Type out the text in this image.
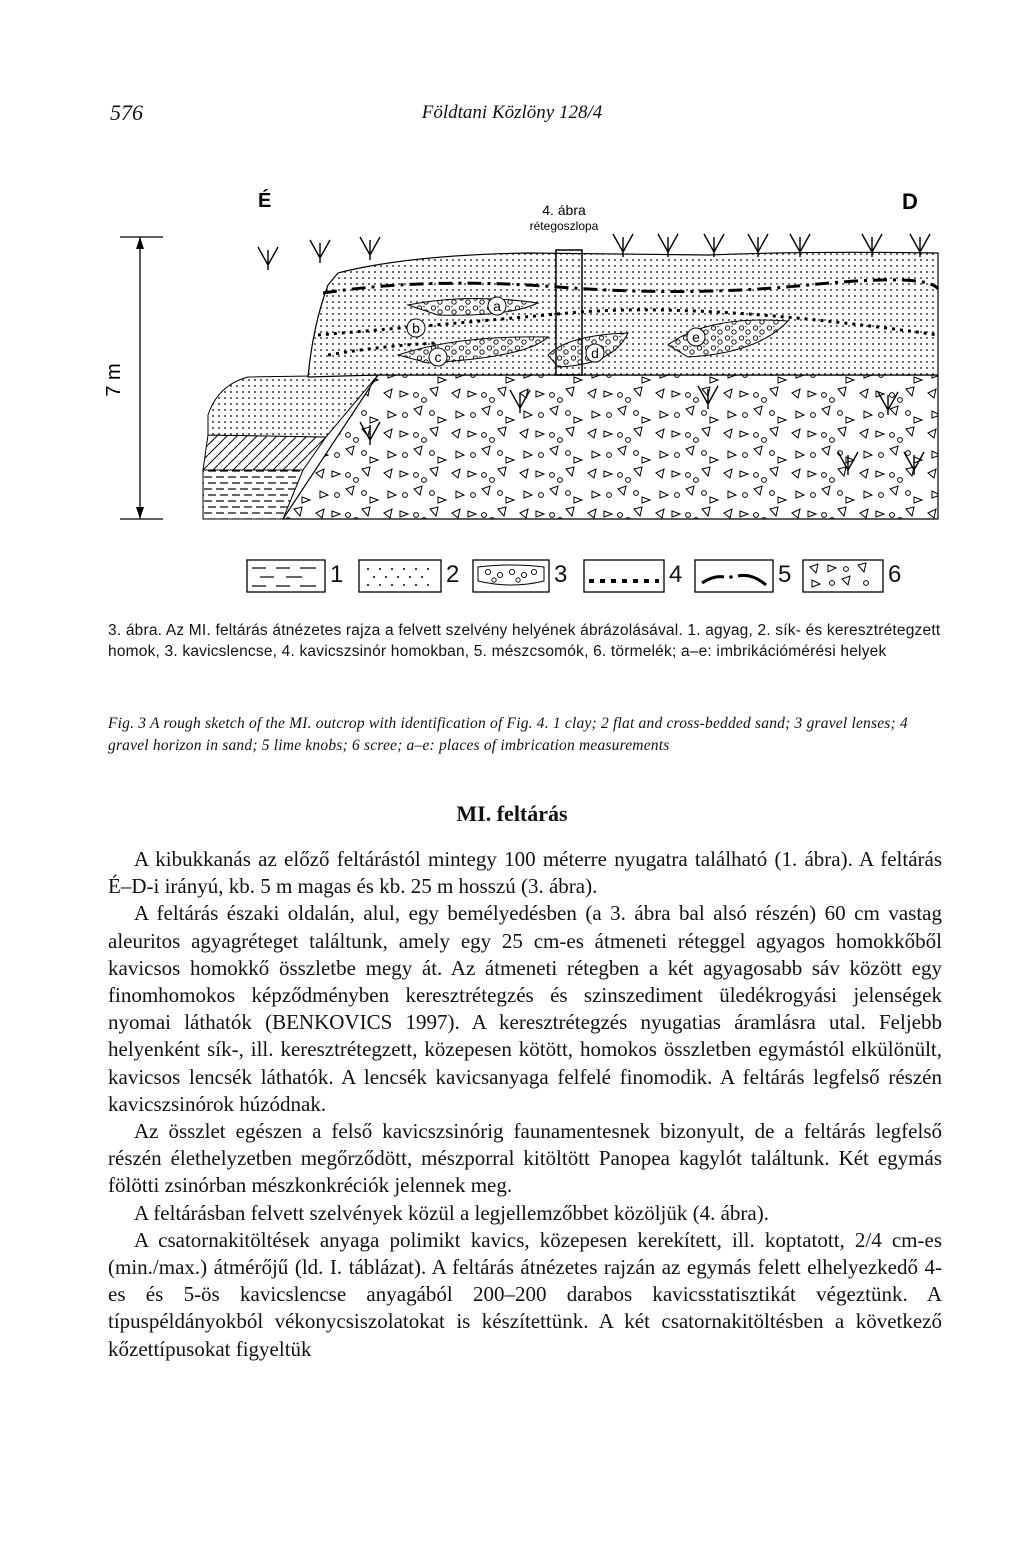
576	Földtani Közlöny 128/4
7 m
a
b
c	d
e
É	D
4. ábra
rétegoszlopa
1	2	3	4	5	6
3. ábra. Az MI. feltárás átnézetes rajza a felvett szelvény helyének ábrázolásával. 1. agyag, 2. sík- és keresztrétegzett homok, 3. kavicslencse, 4. kavicszsinór homokban, 5. mészcsomók, 6. törmelék; a–e: imbrikációmérési helyek
Fig. 3 A rough sketch of the MI. outcrop with identification of Fig. 4. 1 clay; 2 flat and cross-bedded sand; 3 gravel lenses; 4 gravel horizon in sand; 5 lime knobs; 6 scree; a–e: places of imbrication measurements
MI. feltárás

A kibukkanás az előző feltárástól mintegy 100 méterre nyugatra található (1. ábra). A feltárás É–D-i irányú, kb. 5 m magas és kb. 25 m hosszú (3. ábra).

A feltárás északi oldalán, alul, egy bemélyedésben (a 3. ábra bal alsó részén) 60 cm vastag aleuritos agyagréteget találtunk, amely egy 25 cm-es átmeneti réteggel agyagos homokkőből kavicsos homokkő összletbe megy át. Az átmeneti rétegben a két agyagosabb sáv között egy finomhomokos képződményben keresztrétegzés és szinszediment üledékrogyási jelenségek nyomai láthatók (BENKOVICS 1997). A keresztrétegzés nyugatias áramlásra utal. Feljebb helyenként sík-, ill. keresztrétegzett, közepesen kötött, homokos összletben egymástól elkülönült, kavicsos lencsék láthatók. A lencsék kavicsanyaga felfelé finomodik. A feltárás legfelső részén kavicszsinórok húzódnak.

Az összlet egészen a felső kavicszsinórig faunamentesnek bizonyult, de a feltárás legfelső részén élethelyzetben megőrződött, mészporral kitöltött Panopea kagylót találtunk. Két egymás fölötti zsinórban mészkonkréciók jelennek meg.

A feltárásban felvett szelvények közül a legjellemzőbbet közöljük (4. ábra).

A csatornakitöltések anyaga polimikt kavics, közepesen kerekített, ill. koptatott, 2/4 cm-es (min./max.) átmérőjű (ld. I. táblázat). A feltárás átnézetes rajzán az egymás felett elhelyezkedő 4-es és 5-ös kavicslencse anyagából 200–200 darabos kavicsstatisztikát végeztünk. A típuspéldányokból vékonycsiszolatokat is készítettünk. A két csatornakitöltésben a következő kőzettípusokat figyeltük
